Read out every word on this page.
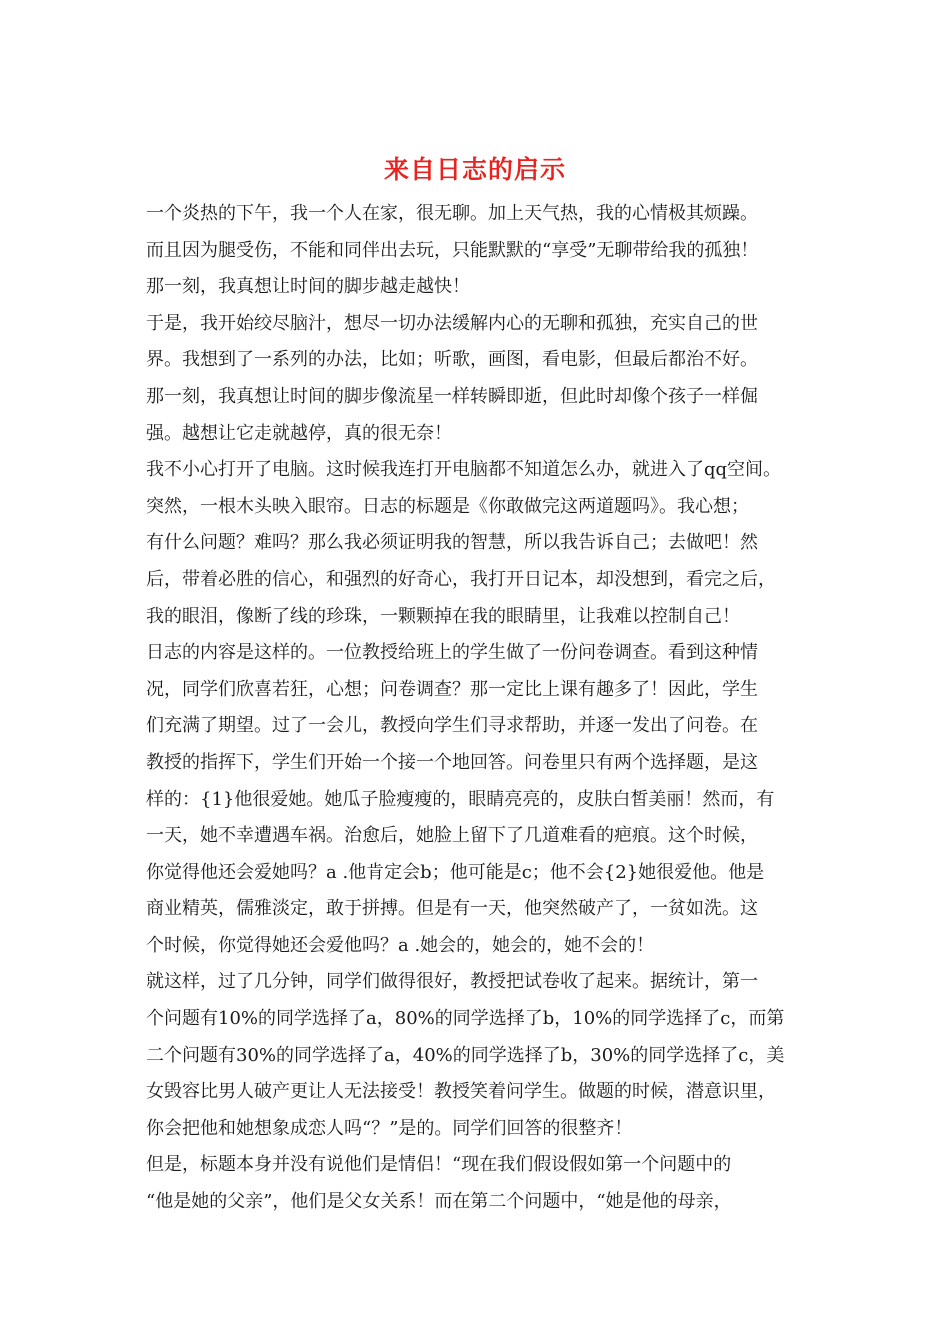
来自日志的启示
一个炎热的下午，我一个人在家，很无聊。加上天气热，我的心情极其烦躁。
而且因为腿受伤，不能和同伴出去玩，只能默默的“享受”无聊带给我的孤独！
那一刻，我真想让时间的脚步越走越快！
于是，我开始绞尽脑汁，想尽一切办法缓解内心的无聊和孤独，充实自己的世
界。我想到了一系列的办法，比如；听歌，画图，看电影，但最后都治不好。
那一刻，我真想让时间的脚步像流星一样转瞬即逝，但此时却像个孩子一样倔
强。越想让它走就越停，真的很无奈！
我不小心打开了电脑。这时候我连打开电脑都不知道怎么办，就进入了qq空间。
突然，一根木头映入眼帘。日志的标题是《你敢做完这两道题吗》。我心想；
有什么问题？难吗？那么我必须证明我的智慧，所以我告诉自己；去做吧！然
后，带着必胜的信心，和强烈的好奇心，我打开日记本，却没想到，看完之后，
我的眼泪，像断了线的珍珠，一颗颗掉在我的眼睛里，让我难以控制自己！
日志的内容是这样的。一位教授给班上的学生做了一份问卷调查。看到这种情
况，同学们欣喜若狂，心想；问卷调查？那一定比上课有趣多了！因此，学生
们充满了期望。过了一会儿，教授向学生们寻求帮助，并逐一发出了问卷。在
教授的指挥下，学生们开始一个接一个地回答。问卷里只有两个选择题，是这
样的：{1}他很爱她。她瓜子脸瘦瘦的，眼睛亮亮的，皮肤白皙美丽！然而，有
一天，她不幸遭遇车祸。治愈后，她脸上留下了几道难看的疤痕。这个时候，
你觉得他还会爱她吗？a .他肯定会b；他可能是c；他不会{2}她很爱他。他是
商业精英，儒雅淡定，敢于拼搏。但是有一天，他突然破产了，一贫如洗。这
个时候，你觉得她还会爱他吗？a .她会的，她会的，她不会的！
就这样，过了几分钟，同学们做得很好，教授把试卷收了起来。据统计，第一
个问题有10%的同学选择了a，80%的同学选择了b，10%的同学选择了c，而第
二个问题有30%的同学选择了a，40%的同学选择了b，30%的同学选择了c，美
女毁容比男人破产更让人无法接受！教授笑着问学生。做题的时候，潜意识里，
你会把他和她想象成恋人吗“？”是的。同学们回答的很整齐！
但是，标题本身并没有说他们是情侣！“现在我们假设假如第一个问题中的
“他是她的父亲”，他们是父女关系！而在第二个问题中，“她是他的母亲，
